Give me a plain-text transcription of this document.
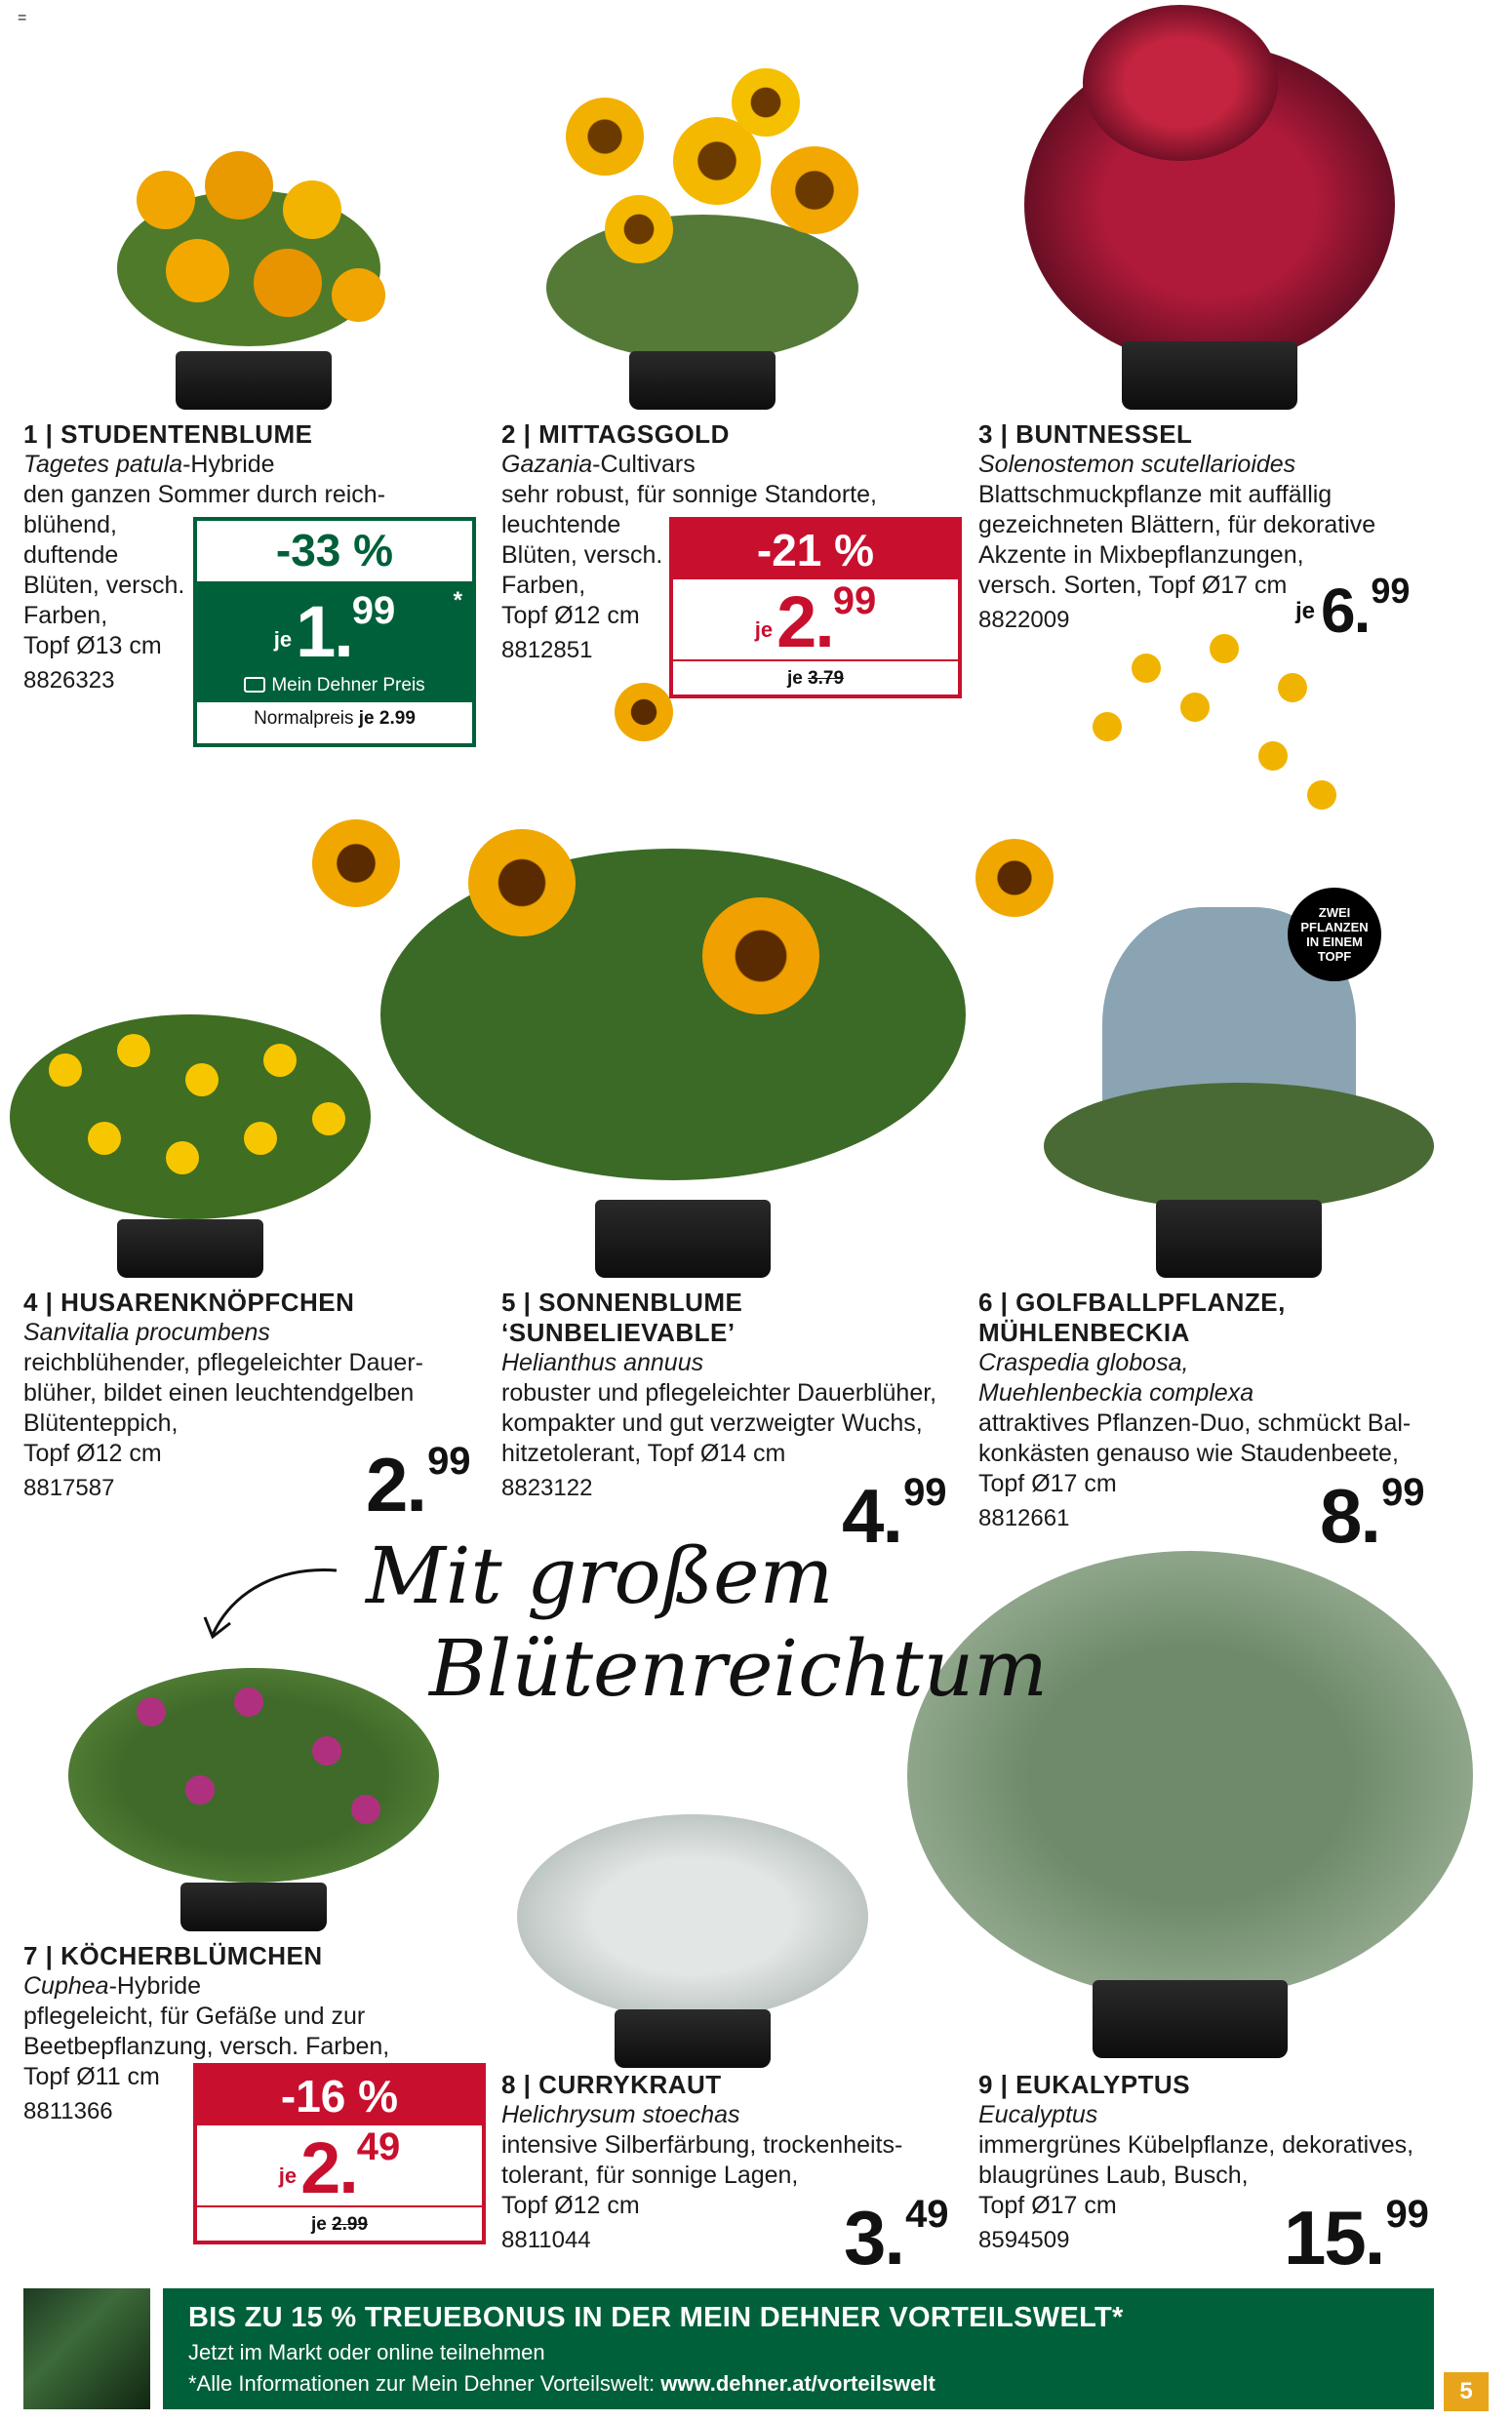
=
ZWEI PFLANZEN IN EINEM TOPF
1 | STUDENTENBLUME
Tagetes patula-Hybride
den ganzen Sommer durch reich-
blühend,
duftende
Blüten, versch.
Farben,
Topf Ø13 cm
8826323
2 | MITTAGSGOLD
Gazania-Cultivars
sehr robust, für sonnige Standorte,
leuchtende
Blüten, versch.
Farben,
Topf Ø12 cm
8812851
3 | BUNTNESSEL
Solenostemon scutellarioides
Blattschmuckpflanze mit auffällig
gezeichneten Blättern, für dekorative
Akzente in Mixbepflanzungen,
versch. Sorten, Topf Ø17 cm
8822009
4 | HUSARENKNÖPFCHEN
Sanvitalia procumbens
reichblühender, pflegeleichter Dauer-
blüher, bildet einen leuchtendgelben
Blütenteppich,
Topf Ø12 cm
8817587
5 | SONNENBLUME
‘SUNBELIEVABLE’
Helianthus annuus
robuster und pflegeleichter Dauerblüher,
kompakter und gut verzweigter Wuchs,
hitzetolerant, Topf Ø14 cm
8823122
6 | GOLFBALLPFLANZE,
MÜHLENBECKIA
Craspedia globosa,
Muehlenbeckia complexa
attraktives Pflanzen-Duo, schmückt Bal-
konkästen genauso wie Staudenbeete,
Topf Ø17 cm
8812661
7 | KÖCHERBLÜMCHEN
Cuphea-Hybride
pflegeleicht, für Gefäße und zur
Beetbepflanzung, versch. Farben,
Topf Ø11 cm
8811366
8 | CURRYKRAUT
Helichrysum stoechas
intensive Silberfärbung, trockenheits-
tolerant, für sonnige Lagen,
Topf Ø12 cm
8811044
9 | EUKALYPTUS
Eucalyptus
immergrünes Kübelpflanze, dekoratives,
blaugrünes Laub, Busch,
Topf Ø17 cm
8594509
-33 %
je1.99 *
Mein Dehner Preis
Normalpreis je 2.99
-21 %
je2.99
je 3.79
-16 %
je2.49
je 2.99
je6.99
2.99
4.99	8.99
3.49	15.99
Mit großem
Blütenreichtum
BIS ZU 15 % TREUEBONUS IN DER MEIN DEHNER VORTEILSWELT*
Jetzt im Markt oder online teilnehmen
*Alle Informationen zur Mein Dehner Vorteilswelt: www.dehner.at/vorteilswelt	5
